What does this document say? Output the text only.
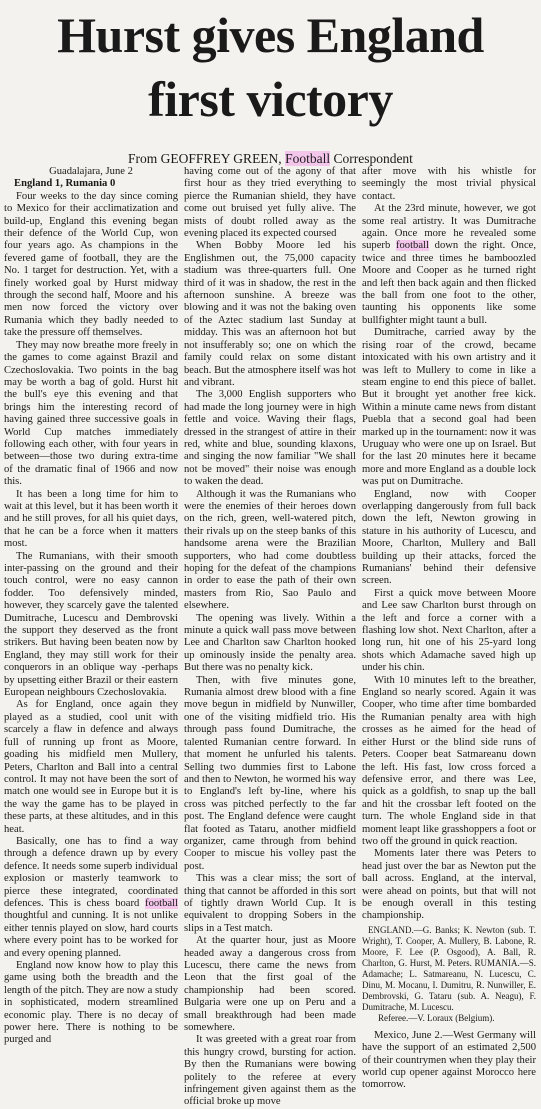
Hurst gives England
first victory
From GEOFFREY GREEN, Football Correspondent

Guadalajara, June 2

England 1, Rumania 0

Four weeks to the day since coming to Mexico for their acclimatization and build-up, England this evening began their defence of the World Cup, won four years ago. As champions in the fevered game of football, they are the No. 1 target for destruction. Yet, with a finely worked goal by Hurst midway through the second half, Moore and his men now forced the victory over Rumania which they badly needed to take the pressure off themselves.

They may now breathe more freely in the games to come against Brazil and Czechoslovakia. Two points in the bag may be worth a bag of gold. Hurst hit the bull's eye this evening and that brings him the interesting record of having gained three successive goals in World Cup matches immediately following each other, with four years in between—those two during extra-time of the dramatic final of 1966 and now this.

It has been a long time for him to wait at this level, but it has been worth it and he still proves, for all his quiet days, that he can be a force when it matters most.

The Rumanians, with their smooth inter-passing on the ground and their touch control, were no easy cannon fodder. Too defensively minded, however, they scarcely gave the talented Dumitrache, Lucescu and Dembrovski the support they deserved as the front strikers. But having been beaten now by England, they may still work for their conquerors in an oblique way -perhaps by upsetting either Brazil or their eastern European neighbours Czechoslovakia.

As for England, once again they played as a studied, cool unit with scarcely a flaw in defence and always full of running up front as Moore, goading his midfield men Mullery, Peters, Charlton and Ball into a central control. It may not have been the sort of match one would see in Europe but it is the way the game has to be played in these parts, at these altitudes, and in this heat.

Basically, one has to find a way through a defence drawn up by every defence. It needs some superb individual explosion or masterly teamwork to pierce these integrated, coordinated defences. This is chess board football thoughtful and cunning. It is not unlike either tennis played on slow, hard courts where every point has to be worked for and every opening planned.

England now know how to play this game using both the breadth and the length of the pitch. They are now a study in sophisticated, modern streamlined economic play. There is no decay of power here. There is nothing to be purged and

having come out of the agony of that first hour as they tried everything to pierce the Rumanian shield, they have come out bruised yet fully alive. The mists of doubt rolled away as the evening placed its expected coursed

When Bobby Moore led his Englishmen out, the 75,000 capacity stadium was three-quarters full. One third of it was in shadow, the rest in the afternoon sunshine. A breeze was blowing and it was not the baking oven of the Aztec stadium last Sunday at midday. This was an afternoon hot but not insufferably so; one on which the family could relax on some distant beach. But the atmosphere itself was hot and vibrant.

The 3,000 English supporters who had made the long journey were in high fettle and voice. Waving their flags, dressed in the strangest of attire in their red, white and blue, sounding klaxons, and singing the now familiar "We shall not be moved" their noise was enough to waken the dead.

Although it was the Rumanians who were the enemies of their heroes down on the rich, green, well-watered pitch, their rivals up on the steep banks of this handsome arena were the Brazilian supporters, who had come doubtless hoping for the defeat of the champions in order to ease the path of their own masters from Rio, Sao Paulo and elsewhere.

The opening was lively. Within a minute a quick wall pass move between Lee and Charlton saw Charlton hooked up ominously inside the penalty area. But there was no penalty kick.

Then, with five minutes gone, Rumania almost drew blood with a fine move begun in midfield by Nunwiller, one of the visiting midfield trio. His through pass found Dumitrache, the talented Rumanian centre forward. In that moment he unfurled his talents. Selling two dummies first to Labone and then to Newton, he wormed his way to England's left by-line, where his cross was pitched perfectly to the far post. The England defence were caught flat footed as Tataru, another midfield organizer, came through from behind Cooper to miscue his volley past the post.

This was a clear miss; the sort of thing that cannot be afforded in this sort of tightly drawn World Cup. It is equivalent to dropping Sobers in the slips in a Test match.

At the quarter hour, just as Moore headed away a dangerous cross from Lucescu, there came the news from Leon that the first goal of the championship had been scored. Bulgaria were one up on Peru and a small breakthrough had been made somewhere.

It was greeted with a great roar from this hungry crowd, bursting for action. By then the Rumanians were bowing politely to the referee at every infringement given against them as the official broke up move

after move with his whistle for seemingly the most trivial physical contact.

At the 23rd minute, however, we got some real artistry. It was Dumitrache again. Once more he revealed some superb football down the right. Once, twice and three times he bamboozled Moore and Cooper as he turned right and left then back again and then flicked the ball from one foot to the other, taunting his opponents like some bullfighter might taunt a bull.

Dumitrache, carried away by the rising roar of the crowd, became intoxicated with his own artistry and it was left to Mullery to come in like a steam engine to end this piece of ballet. But it brought yet another free kick. Within a minute came news from distant Puebla that a second goal had been marked up in the tournament: now it was Uruguay who were one up on Israel. But for the last 20 minutes here it became more and more England as a double lock was put on Dumitrache.

England, now with Cooper overlapping dangerously from full back down the left, Newton growing in stature in his authority of Lucescu, and Moore, Charlton, Mullery and Ball building up their attacks, forced the Rumanians' behind their defensive screen.

First a quick move between Moore and Lee saw Charlton burst through on the left and force a corner with a flashing low shot. Next Charlton, after a long run, hit one of his 25-yard long shots which Adamache saved high up under his chin.

With 10 minutes left to the breather, England so nearly scored. Again it was Cooper, who time after time bombarded the Rumanian penalty area with high crosses as he aimed for the head of either Hurst or the blind side runs of Peters. Cooper beat Satmareanu down the left. His fast, low cross forced a defensive error, and there was Lee, quick as a goldfish, to snap up the ball and hit the crossbar left footed on the turn. The whole England side in that moment leapt like grasshoppers a foot or two off the ground in quick reaction.

Moments later there was Peters to head just over the bar as Newton put the ball across. England, at the interval, were ahead on points, but that will not be enough overall in this testing championship.

ENGLAND.—G. Banks; K. Newton (sub. T. Wright), T. Cooper, A. Mullery, B. Labone, R. Moore, F. Lee (P. Osgood), A. Ball, R. Charlton, G. Hurst, M. Peters. RUMANIA.—S. Adamache; L. Satmareanu, N. Lucescu, C. Dinu, M. Mocanu, I. Dumitru, R. Nunwiller, E. Dembrovski, G. Tataru (sub. A. Neagu), F. Dumitrache, M. Lucescu.

Referee.—V. Loraux (Belgium).

Mexico, June 2.—West Germany will have the support of an estimated 2,500 of their countrymen when they play their world cup opener against Morocco here tomorrow.
